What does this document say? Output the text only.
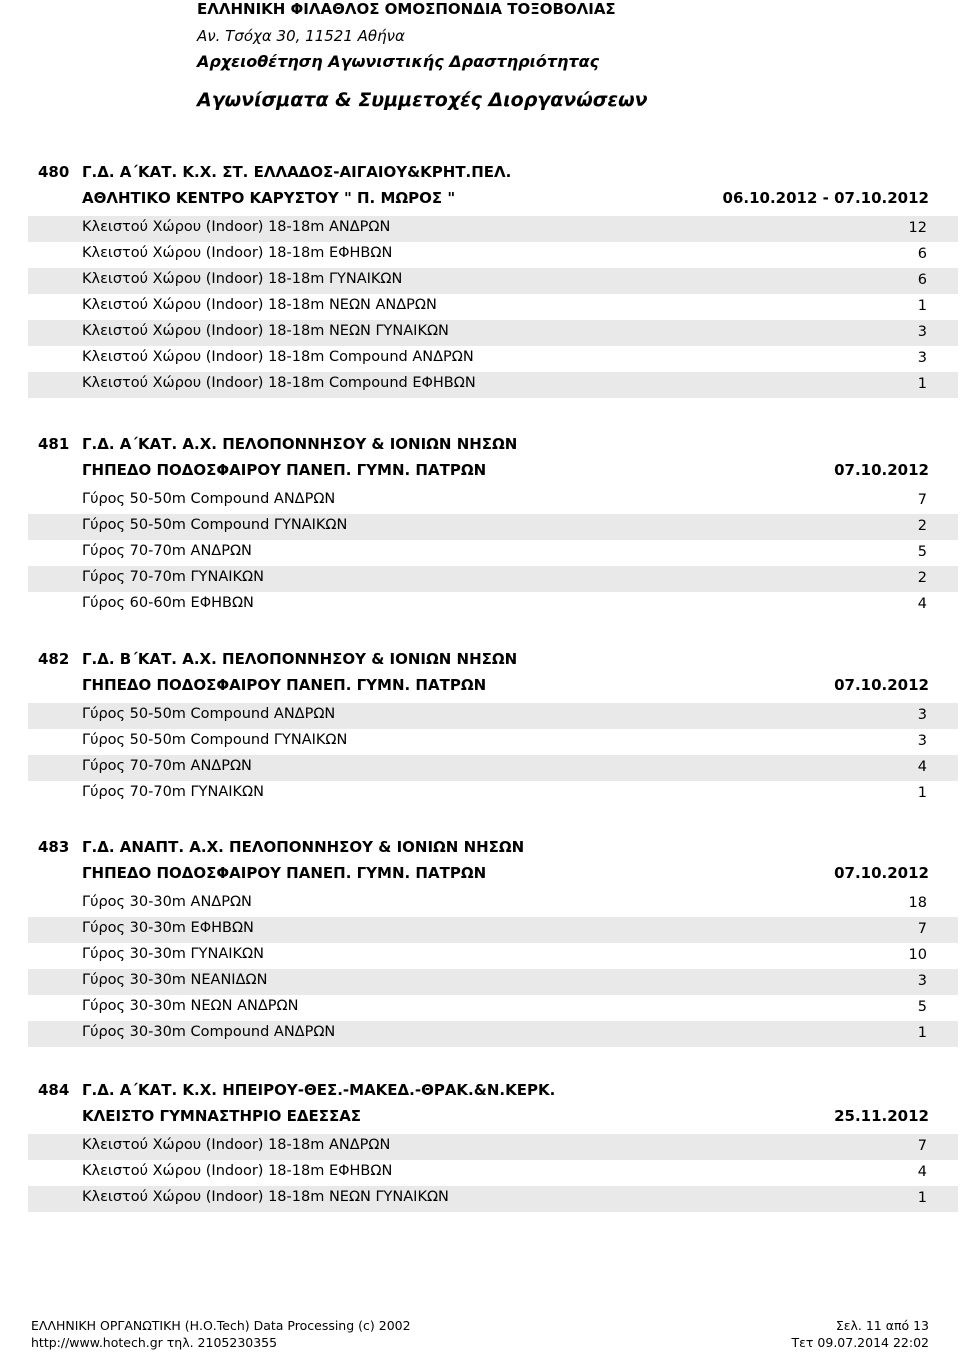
ΕΛΛΗΝΙΚΗ ΦΙΛΑΘΛΟΣ ΟΜΟΣΠΟΝΔΙΑ ΤΟΞΟΒΟΛΙΑΣ
Αν. Τσόχα 30, 11521 Αθήνα
Αρχειοθέτηση Αγωνιστικής Δραστηριότητας
Αγωνίσματα & Συμμετοχές Διοργανώσεων
480 Γ.Δ. Α΄ΚΑΤ. Κ.Χ. ΣΤ. ΕΛΛΑΔΟΣ-ΑΙΓΑΙΟΥ&ΚΡΗΤ.ΠΕΛ.
ΑΘΛΗΤΙΚΟ ΚΕΝΤΡΟ ΚΑΡΥΣΤΟΥ " Π. ΜΩΡΟΣ "	06.10.2012 - 07.10.2012
Κλειστού Χώρου (Indoor) 18-18m ΑΝΔΡΩΝ	12
Κλειστού Χώρου (Indoor) 18-18m ΕΦΗΒΩΝ	6
Κλειστού Χώρου (Indoor) 18-18m ΓΥΝΑΙΚΩΝ	6
Κλειστού Χώρου (Indoor) 18-18m ΝΕΩΝ ΑΝΔΡΩΝ	1
Κλειστού Χώρου (Indoor) 18-18m ΝΕΩΝ ΓΥΝΑΙΚΩΝ	3
Κλειστού Χώρου (Indoor) 18-18m Compound ΑΝΔΡΩΝ	3
Κλειστού Χώρου (Indoor) 18-18m Compound ΕΦΗΒΩΝ	1
481 Γ.Δ. Α΄ΚΑΤ. Α.Χ. ΠΕΛΟΠΟΝΝΗΣΟΥ & ΙΟΝΙΩΝ ΝΗΣΩΝ
ΓΗΠΕΔΟ ΠΟΔΟΣΦΑΙΡΟΥ ΠΑΝΕΠ. ΓΥΜΝ. ΠΑΤΡΩΝ	07.10.2012
Γύρος 50-50m Compound ΑΝΔΡΩΝ	7
Γύρος 50-50m Compound ΓΥΝΑΙΚΩΝ	2
Γύρος 70-70m ΑΝΔΡΩΝ	5
Γύρος 70-70m ΓΥΝΑΙΚΩΝ	2
Γύρος 60-60m ΕΦΗΒΩΝ	4
482 Γ.Δ. Β΄ΚΑΤ. Α.Χ. ΠΕΛΟΠΟΝΝΗΣΟΥ & ΙΟΝΙΩΝ ΝΗΣΩΝ
ΓΗΠΕΔΟ ΠΟΔΟΣΦΑΙΡΟΥ ΠΑΝΕΠ. ΓΥΜΝ. ΠΑΤΡΩΝ	07.10.2012
Γύρος 50-50m Compound ΑΝΔΡΩΝ	3
Γύρος 50-50m Compound ΓΥΝΑΙΚΩΝ	3
Γύρος 70-70m ΑΝΔΡΩΝ	4
Γύρος 70-70m ΓΥΝΑΙΚΩΝ	1
483 Γ.Δ. ΑΝΑΠΤ. Α.Χ. ΠΕΛΟΠΟΝΝΗΣΟΥ & ΙΟΝΙΩΝ ΝΗΣΩΝ
ΓΗΠΕΔΟ ΠΟΔΟΣΦΑΙΡΟΥ ΠΑΝΕΠ. ΓΥΜΝ. ΠΑΤΡΩΝ	07.10.2012
Γύρος 30-30m ΑΝΔΡΩΝ	18
Γύρος 30-30m ΕΦΗΒΩΝ	7
Γύρος 30-30m ΓΥΝΑΙΚΩΝ	10
Γύρος 30-30m ΝΕΑΝΙΔΩΝ	3
Γύρος 30-30m ΝΕΩΝ ΑΝΔΡΩΝ	5
Γύρος 30-30m Compound ΑΝΔΡΩΝ	1
484 Γ.Δ. Α΄ΚΑΤ. Κ.Χ. ΗΠΕΙΡΟΥ-ΘΕΣ.-ΜΑΚΕΔ.-ΘΡΑΚ.&Ν.ΚΕΡΚ.
ΚΛΕΙΣΤΟ ΓΥΜΝΑΣΤΗΡΙΟ ΕΔΕΣΣΑΣ	25.11.2012
Κλειστού Χώρου (Indoor) 18-18m ΑΝΔΡΩΝ	7
Κλειστού Χώρου (Indoor) 18-18m ΕΦΗΒΩΝ	4
Κλειστού Χώρου (Indoor) 18-18m ΝΕΩΝ ΓΥΝΑΙΚΩΝ	1
ΕΛΛΗΝΙΚΗ ΟΡΓΑΝΩΤΙΚΗ (Η.Ο.Tech) Data Processing (c) 2002
http://www.hotech.gr τηλ. 2105230355
Σελ. 11 από 13
Τετ 09.07.2014 22:02
